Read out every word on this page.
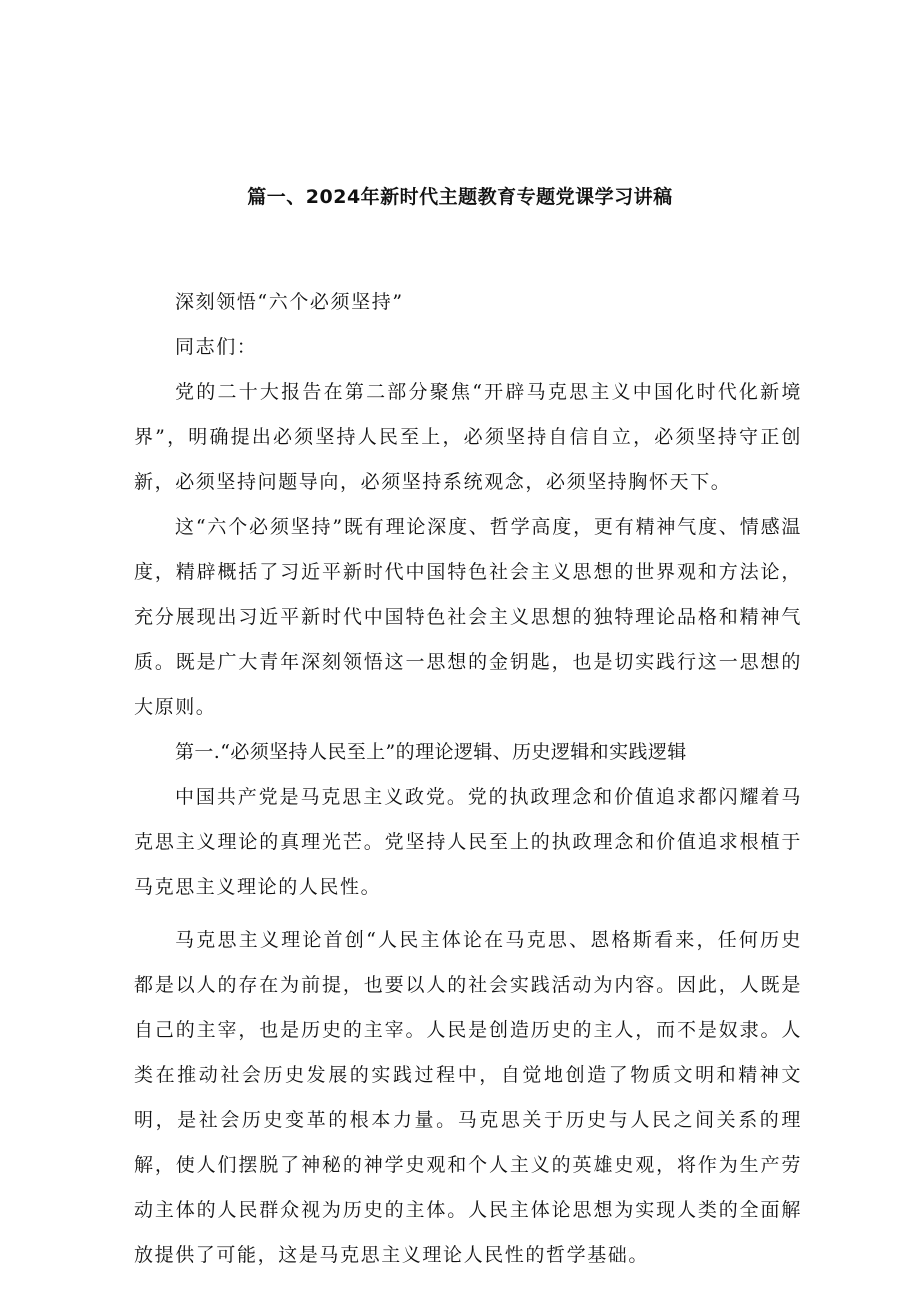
篇一、2024年新时代主题教育专题党课学习讲稿

深刻领悟“六个必须坚持”

同志们：

党的二十大报告在第二部分聚焦“开辟马克思主义中国化时代化新境界”，明确提出必须坚持人民至上，必须坚持自信自立，必须坚持守正创新，必须坚持问题导向，必须坚持系统观念，必须坚持胸怀天下。

这“六个必须坚持”既有理论深度、哲学高度，更有精神气度、情感温度，精辟概括了习近平新时代中国特色社会主义思想的世界观和方法论，充分展现出习近平新时代中国特色社会主义思想的独特理论品格和精神气质。既是广大青年深刻领悟这一思想的金钥匙，也是切实践行这一思想的大原则。

第一.“必须坚持人民至上”的理论逻辑、历史逻辑和实践逻辑

中国共产党是马克思主义政党。党的执政理念和价值追求都闪耀着马克思主义理论的真理光芒。党坚持人民至上的执政理念和价值追求根植于马克思主义理论的人民性。

马克思主义理论首创“人民主体论在马克思、恩格斯看来，任何历史都是以人的存在为前提，也要以人的社会实践活动为内容。因此，人既是自己的主宰，也是历史的主宰。人民是创造历史的主人，而不是奴隶。人类在推动社会历史发展的实践过程中，自觉地创造了物质文明和精神文明，是社会历史变革的根本力量。马克思关于历史与人民之间关系的理解，使人们摆脱了神秘的神学史观和个人主义的英雄史观，将作为生产劳动主体的人民群众视为历史的主体。人民主体论思想为实现人类的全面解放提供了可能，这是马克思主义理论人民性的哲学基础。
